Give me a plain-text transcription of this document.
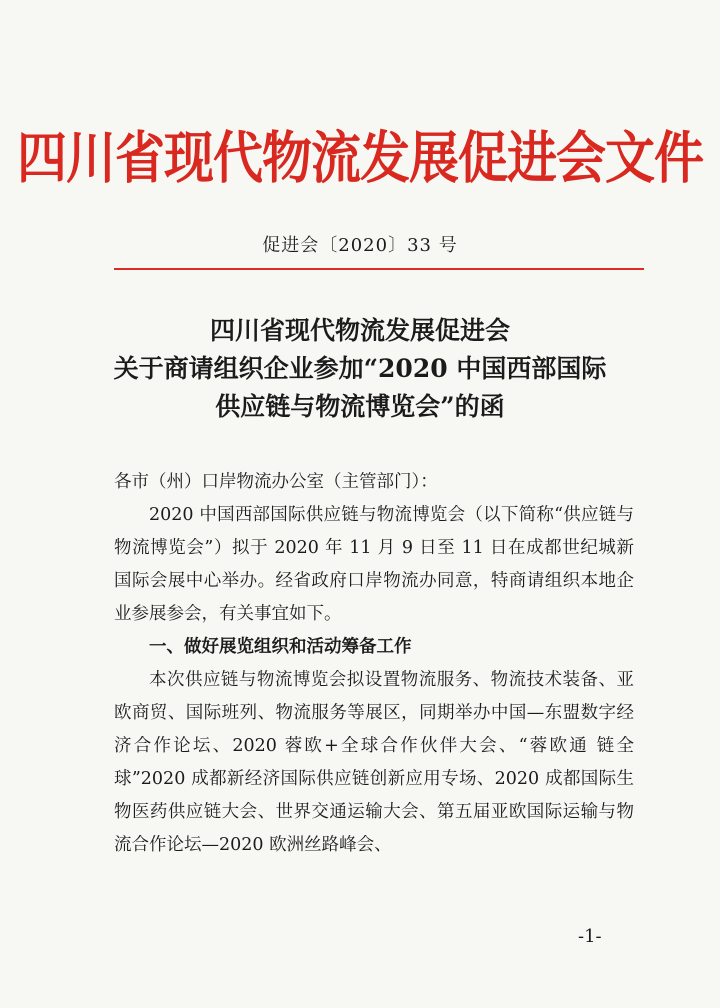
四川省现代物流发展促进会文件
促进会〔2020〕33 号
四川省现代物流发展促进会
关于商请组织企业参加“2020 中国西部国际
供应链与物流博览会”的函

各市（州）口岸物流办公室（主管部门）：

2020 中国西部国际供应链与物流博览会（以下简称“供应链与物流博览会”）拟于 2020 年 11 月 9 日至 11 日在成都世纪城新国际会展中心举办。经省政府口岸物流办同意，特商请组织本地企业参展参会，有关事宜如下。

一、做好展览组织和活动筹备工作

本次供应链与物流博览会拟设置物流服务、物流技术装备、亚欧商贸、国际班列、物流服务等展区，同期举办中国—东盟数字经济合作论坛、2020 蓉欧+全球合作伙伴大会、“蓉欧通 链全球”2020 成都新经济国际供应链创新应用专场、2020 成都国际生物医药供应链大会、世界交通运输大会、第五届亚欧国际运输与物流合作论坛—2020 欧洲丝路峰会、

-1-
